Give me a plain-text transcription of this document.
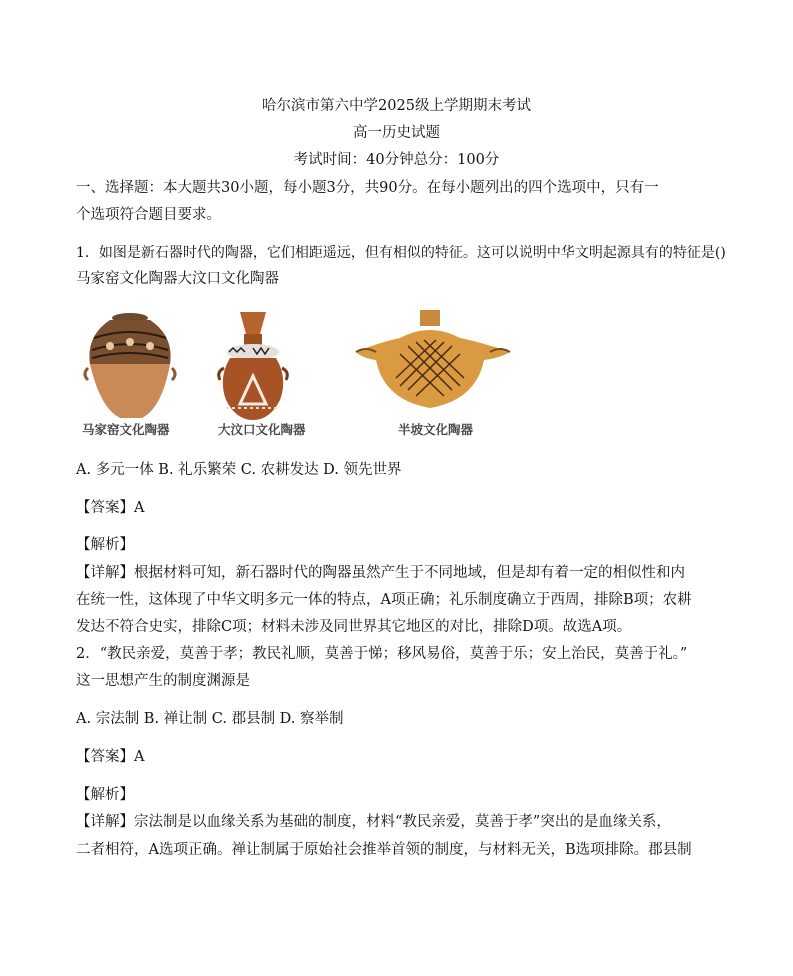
哈尔滨市第六中学2025级上学期期末考试
高一历史试题
考试时间：40分钟总分：100分
一、选择题：本大题共30小题，每小题3分，共90分。在每小题列出的四个选项中，只有一
个选项符合题目要求。
1．如图是新石器时代的陶器，它们相距遥远，但有相似的特征。这可以说明中华文明起源具有的特征是()
马家窑文化陶器大汶口文化陶器
马家窑文化陶器	大汶口文化陶器	半坡文化陶器
A. 多元一体 B. 礼乐繁荣 C. 农耕发达 D. 领先世界
【答案】A
【解析】
【详解】根据材料可知，新石器时代的陶器虽然产生于不同地域，但是却有着一定的相似性和内
在统一性，这体现了中华文明多元一体的特点，A项正确；礼乐制度确立于西周，排除B项；农耕
发达不符合史实，排除C项；材料未涉及同世界其它地区的对比，排除D项。故选A项。
2．“教民亲爱，莫善于孝；教民礼顺，莫善于悌；移风易俗，莫善于乐；安上治民，莫善于礼。”
这一思想产生的制度渊源是
A. 宗法制 B. 禅让制 C. 郡县制 D. 察举制
【答案】A
【解析】
【详解】宗法制是以血缘关系为基础的制度，材料“教民亲爱，莫善于孝”突出的是血缘关系，
二者相符，A选项正确。禅让制属于原始社会推举首领的制度，与材料无关，B选项排除。郡县制
